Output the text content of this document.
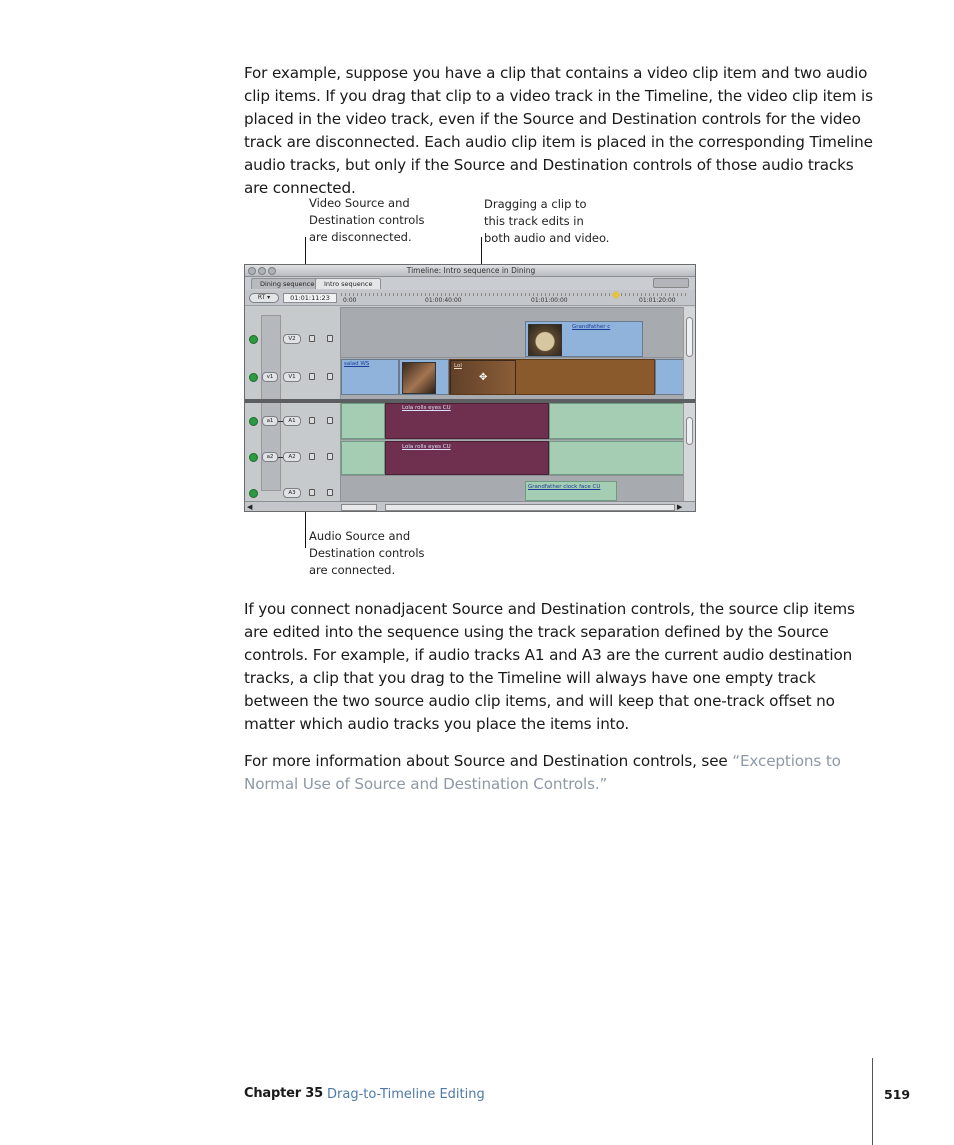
For example, suppose you have a clip that contains a video clip item and two audio clip items. If you drag that clip to a video track in the Timeline, the video clip item is placed in the video track, even if the Source and Destination controls for the video track are disconnected. Each audio clip item is placed in the corresponding Timeline audio tracks, but only if the Source and Destination controls of those audio tracks are connected.

Video Source and
Destination controls
are disconnected.
Dragging a clip to
this track edits in
both audio and video.
Audio Source and
Destination controls
are connected.
Timeline: Intro sequence in Dining
Dining sequence	Intro sequence
RT ▾	01:01:11:23	0:00	01:00:40:00	01:01:00:00	01:01:20:00
V2
v1	V1
a1	A1
a2	A2
A3
Grandfather c
salad WS	Lol
✥
Lola rolls eyes CU
Lola rolls eyes CU
Grandfather clock face CU
◀	▶

If you connect nonadjacent Source and Destination controls, the source clip items are edited into the sequence using the track separation defined by the Source controls. For example, if audio tracks A1 and A3 are the current audio destination tracks, a clip that you drag to the Timeline will always have one empty track between the two source audio clip items, and will keep that one-track offset no matter which audio tracks you place the items into.

For more information about Source and Destination controls, see “Exceptions to Normal Use of Source and Destination Controls.”

Chapter 35 Drag-to-Timeline Editing	519
